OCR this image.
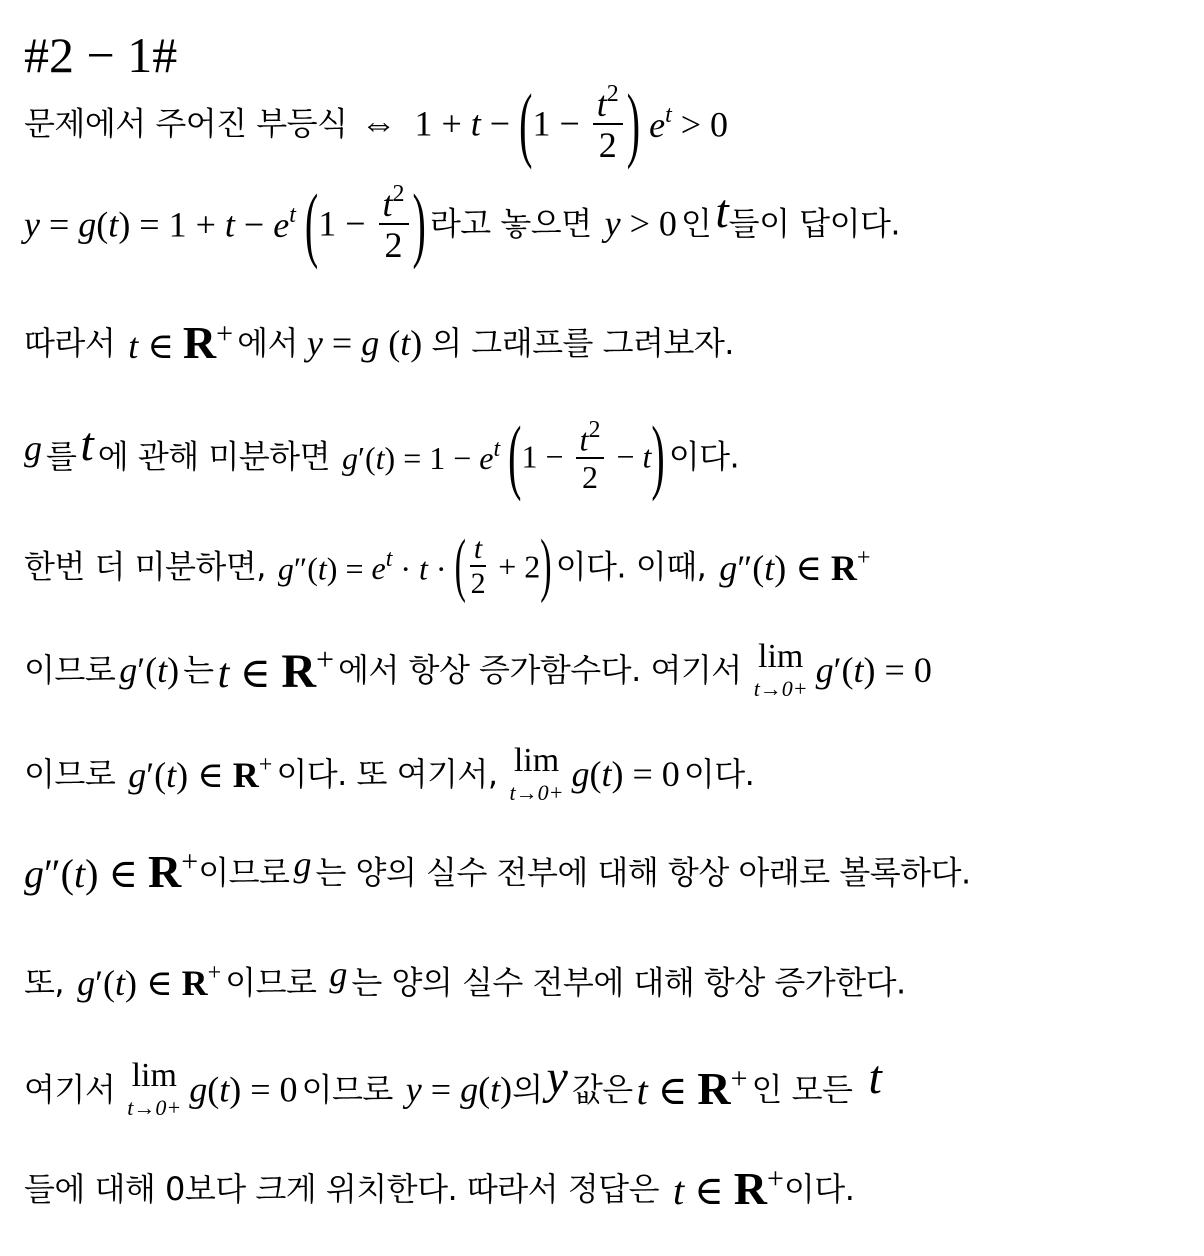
#2 − 1#
문제에서 주어진 부등식  ⇔  $1 + t - (1 - \frac{t^2}{2}$ ) $e^t > 0$
$y = g(t) = 1 + t - e^t$ ($1 - \frac{t^2}{2}$ ) 라고 놓으면 y > 0 인 t들이 답이다.
따라서 t ∈ R+ 에서 y = g (t) 의 그래프를 그려보자.
g 를 t 에 관해 미분하면 $g'(t) = 1 - e^t$ $(1 - \frac{t^2}{2} - t)$ 이다.
한번 더 미분하면, $g''(t) = e^t \cdot t$ · ( $\frac{t}{2} + 2$) 이다. 이때, g″(t) ∈ R+
이므로 g′(t) 는 t ∈ R+ 에서 항상 증가함수다. 여기서 lim
t→0+ g′(t) = 0
이므로 g′(t) ∈ R+ 이다. 또 여기서, lim
t→0+ g(t) = 0 이다.
g″(t) ∈ R+이므로 g 는 양의 실수 전부에 대해 항상 아래로 볼록하다.
또, g′(t) ∈ R+ 이므로  g 는 양의 실수 전부에 대해 항상 증가한다.
여기서 lim
t→0+ g(t) = 0 이므로 y = g(t)의 y 값은 t ∈ R+ 인 모든  t
들에 대해 0보다 크게 위치한다. 따라서 정답은 t ∈ R+이다.
